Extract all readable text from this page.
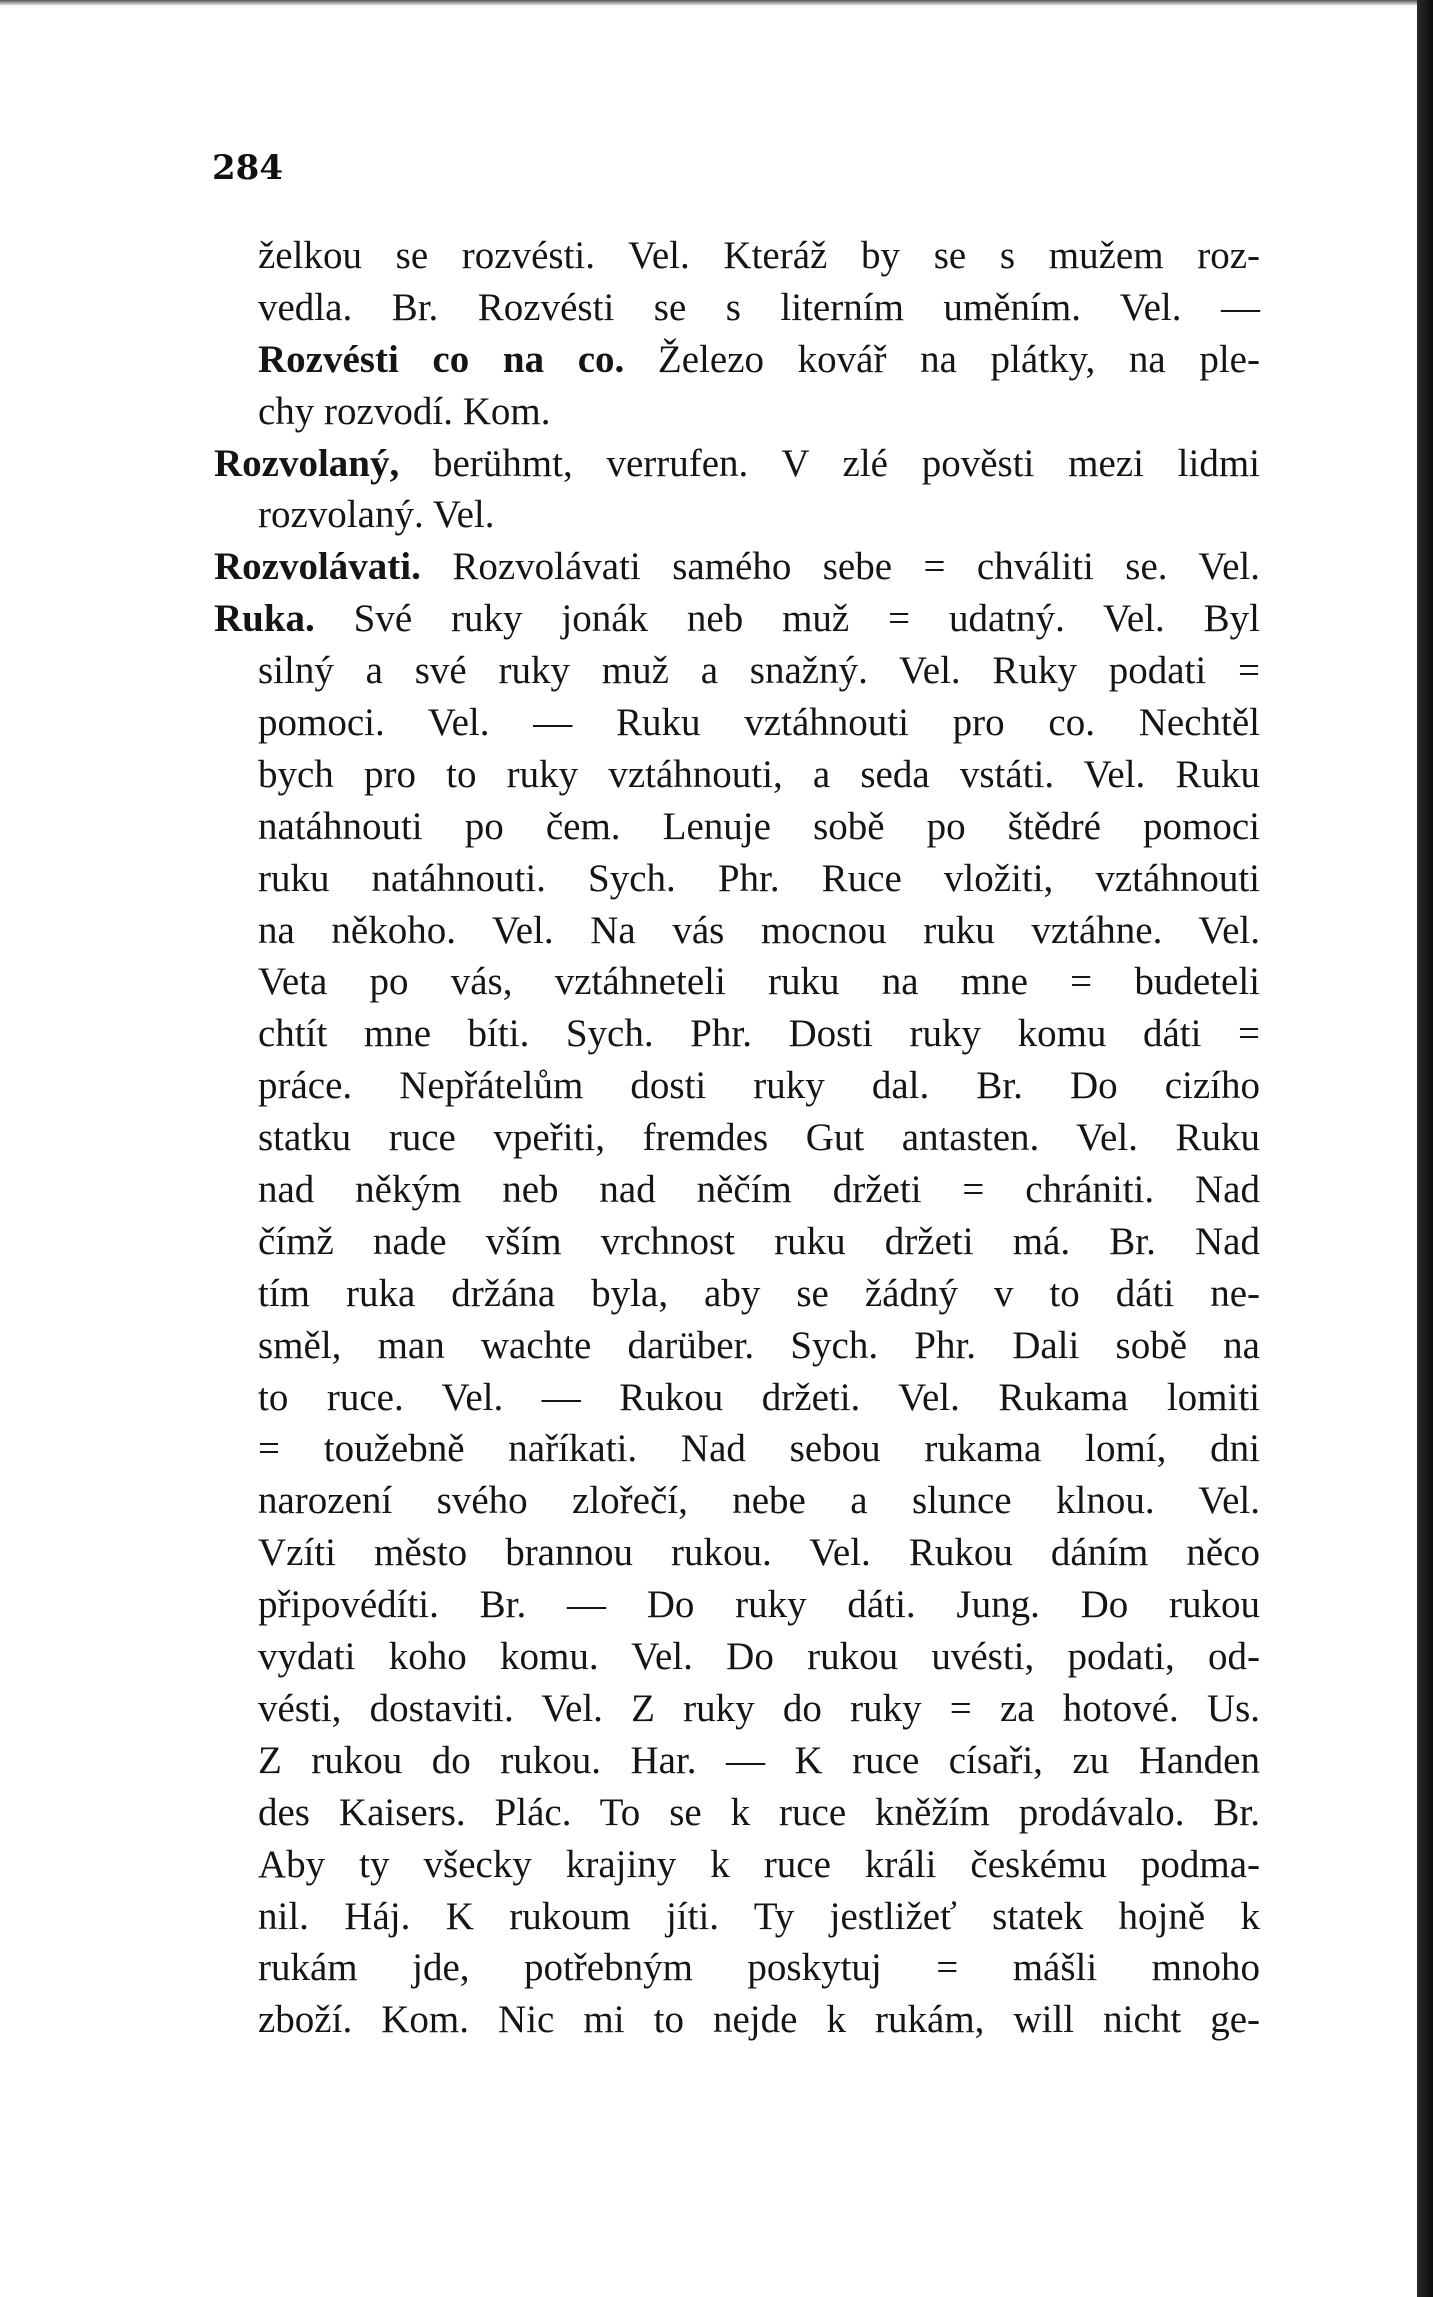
284
želkou se rozvésti. Vel. Kteráž by se s mužem roz-
vedla. Br. Rozvésti se s literním uměním. Vel. —
Rozvésti co na co. Železo kovář na plátky, na ple-
chy rozvodí. Kom.
Rozvolaný, berühmt, verrufen. V zlé pověsti mezi lidmi
rozvolaný. Vel.
Rozvolávati. Rozvolávati samého sebe = chváliti se. Vel.
Ruka. Své ruky jonák neb muž = udatný. Vel. Byl
silný a své ruky muž a snažný. Vel. Ruky podati =
pomoci. Vel. — Ruku vztáhnouti pro co. Nechtěl
bych pro to ruky vztáhnouti, a seda vstáti. Vel. Ruku
natáhnouti po čem. Lenuje sobě po štědré pomoci
ruku natáhnouti. Sych. Phr. Ruce vložiti, vztáhnouti
na někoho. Vel. Na vás mocnou ruku vztáhne. Vel.
Veta po vás, vztáhneteli ruku na mne = budeteli
chtít mne bíti. Sych. Phr. Dosti ruky komu dáti =
práce. Nepřátelům dosti ruky dal. Br. Do cizího
statku ruce vpeřiti, fremdes Gut antasten. Vel. Ruku
nad někým neb nad něčím držeti = chrániti. Nad
čímž nade vším vrchnost ruku držeti má. Br. Nad
tím ruka držána byla, aby se žádný v to dáti ne-
směl, man wachte darüber. Sych. Phr. Dali sobě na
to ruce. Vel. — Rukou držeti. Vel. Rukama lomiti
= toužebně naříkati. Nad sebou rukama lomí, dni
narození svého zlořečí, nebe a slunce klnou. Vel.
Vzíti město brannou rukou. Vel. Rukou dáním něco
připovédíti. Br. — Do ruky dáti. Jung. Do rukou
vydati koho komu. Vel. Do rukou uvésti, podati, od-
vésti, dostaviti. Vel. Z ruky do ruky = za hotové. Us.
Z rukou do rukou. Har. — K ruce císaři, zu Handen
des Kaisers. Plác. To se k ruce kněžím prodávalo. Br.
Aby ty všecky krajiny k ruce králi českému podma-
nil. Háj. K rukoum jíti. Ty jestližeť statek hojně k
rukám jde, potřebným poskytuj = mášli mnoho
zboží. Kom. Nic mi to nejde k rukám, will nicht ge-
